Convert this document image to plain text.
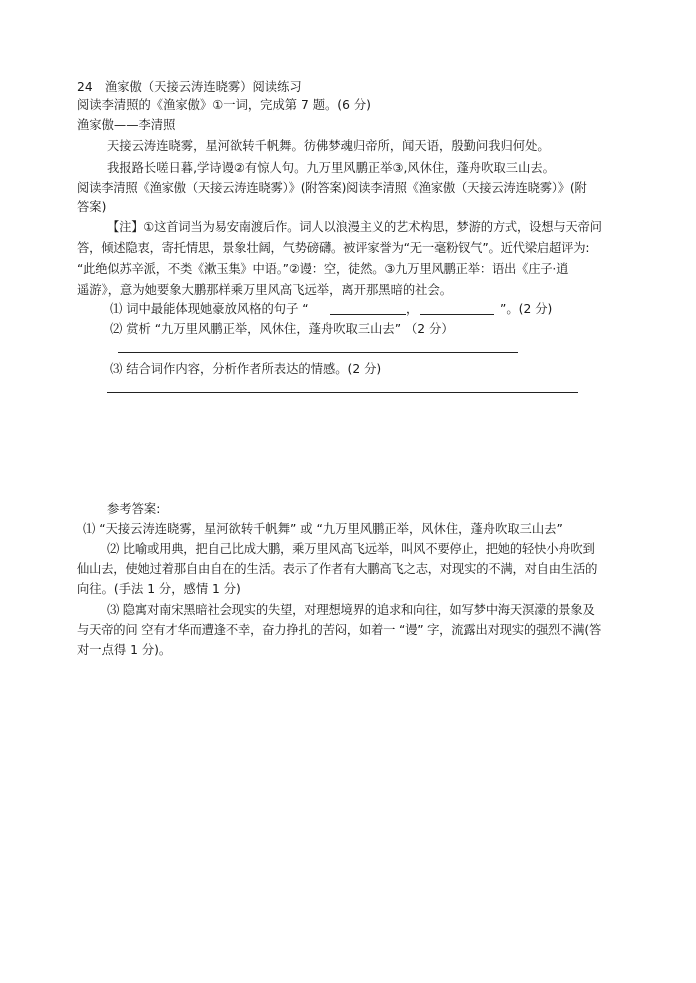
24　渔家傲（天接云涛连晓雾）阅读练习
阅读李清照的《渔家傲》①一词，完成第 7 题。(6 分)
渔家傲——李清照
天接云涛连晓雾，星河欲转千帆舞。彷佛梦魂归帝所，闻天语，殷勤问我归何处。
我报路长嗟日暮,学诗谩②有惊人句。九万里风鹏正举③,风休住，蓬舟吹取三山去。
阅读李清照《渔家傲（天接云涛连晓雾）》(附答案)阅读李清照《渔家傲（天接云涛连晓雾）》(附
答案)
【注】①这首词当为易安南渡后作。词人以浪漫主义的艺术构思，梦游的方式，设想与天帝问
答，倾述隐衷，寄托情思，景象壮阔，气势磅礴。被评家誉为“无一毫粉钗气”。近代梁启超评为:
“此绝似苏辛派，不类《漱玉集》中语。”②谩：空，徒然。③九万里风鹏正举：语出《庄子·逍
遥游》，意为她要象大鹏那样乘万里风高飞远举，离开那黑暗的社会。
⑴ 词中最能体现她豪放风格的句子 “	，	”。(2 分)
⑵ 赏析 “九万里风鹏正举，风休住，蓬舟吹取三山去” （2 分）
⑶ 结合词作内容，分析作者所表达的情感。(2 分)
参考答案:
⑴ “天接云涛连晓雾，星河欲转千帆舞” 或 “九万里风鹏正举，风休住，蓬舟吹取三山去”
⑵ 比喻或用典，把自己比成大鹏，乘万里风高飞远举，叫风不要停止，把她的轻快小舟吹到
仙山去，使她过着那自由自在的生活。表示了作者有大鹏高飞之志，对现实的不满，对自由生活的
向往。(手法 1 分，感情 1 分)
⑶ 隐寓对南宋黑暗社会现实的失望，对理想境界的追求和向往，如写梦中海天溟濛的景象及
与天帝的问 空有才华而遭逢不幸，奋力挣扎的苦闷，如着一 “谩” 字，流露出对现实的强烈不满(答
对一点得 1 分)。
